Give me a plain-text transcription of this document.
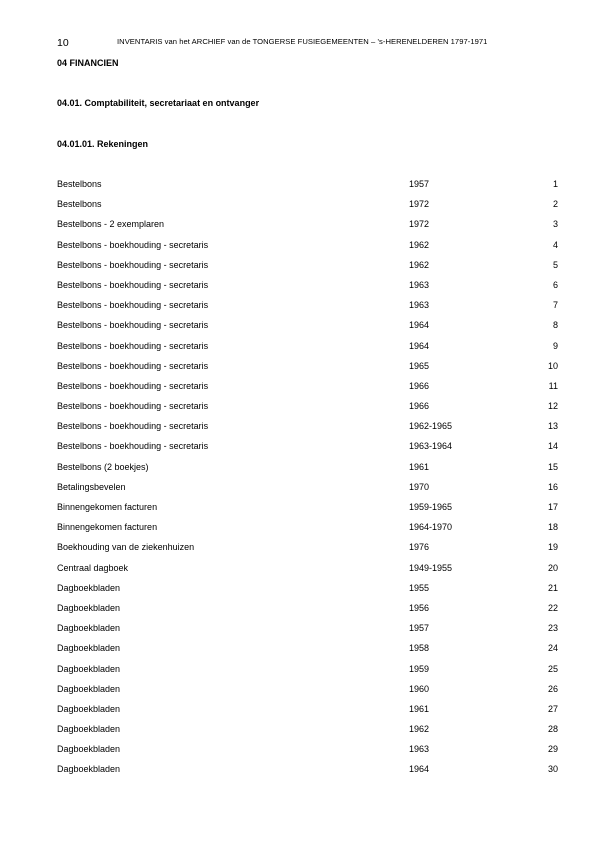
10	INVENTARIS van het ARCHIEF van de TONGERSE FUSIEGEMEENTEN – ’s-HERENELDEREN 1797-1971
04 FINANCIEN
04.01. Comptabiliteit, secretariaat en ontvanger
04.01.01. Rekeningen
Bestelbons	1957	1
Bestelbons	1972	2
Bestelbons - 2 exemplaren	1972	3
Bestelbons - boekhouding - secretaris	1962	4
Bestelbons - boekhouding - secretaris	1962	5
Bestelbons - boekhouding - secretaris	1963	6
Bestelbons - boekhouding - secretaris	1963	7
Bestelbons - boekhouding - secretaris	1964	8
Bestelbons - boekhouding - secretaris	1964	9
Bestelbons - boekhouding - secretaris	1965	10
Bestelbons - boekhouding - secretaris	1966	11
Bestelbons - boekhouding - secretaris	1966	12
Bestelbons - boekhouding - secretaris	1962-1965	13
Bestelbons - boekhouding - secretaris	1963-1964	14
Bestelbons (2 boekjes)	1961	15
Betalingsbevelen	1970	16
Binnengekomen facturen	1959-1965	17
Binnengekomen facturen	1964-1970	18
Boekhouding van de ziekenhuizen	1976	19
Centraal dagboek	1949-1955	20
Dagboekbladen	1955	21
Dagboekbladen	1956	22
Dagboekbladen	1957	23
Dagboekbladen	1958	24
Dagboekbladen	1959	25
Dagboekbladen	1960	26
Dagboekbladen	1961	27
Dagboekbladen	1962	28
Dagboekbladen	1963	29
Dagboekbladen	1964	30
